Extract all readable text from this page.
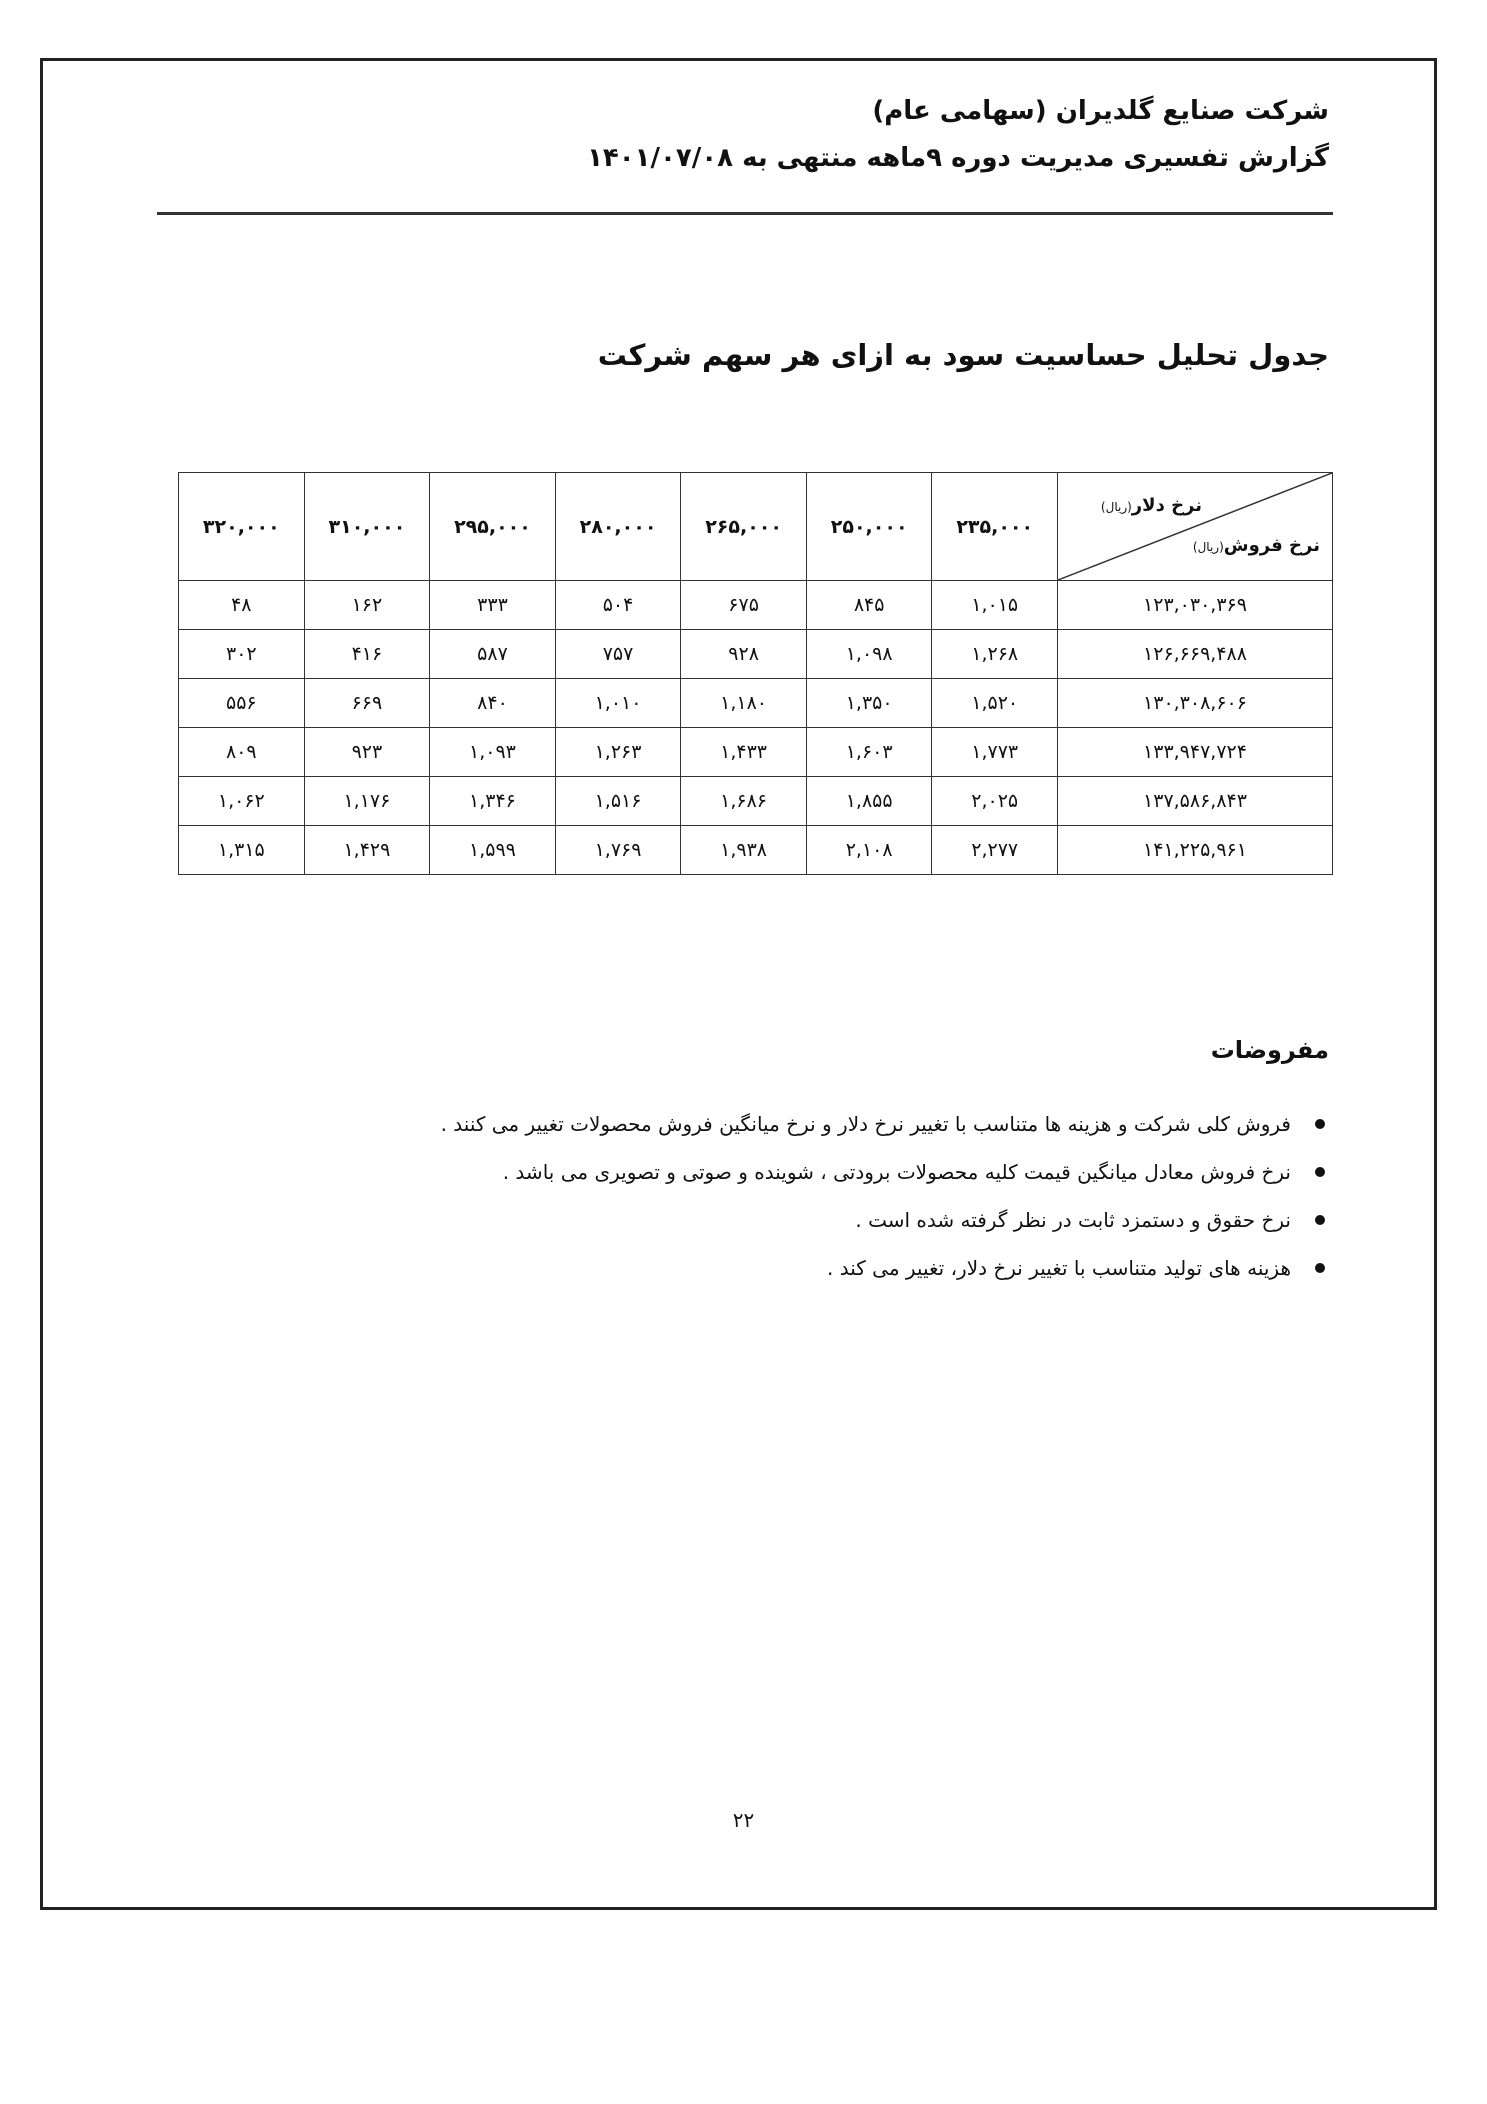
شرکت صنایع گلدیران (سهامی عام)
گزارش تفسیری مدیریت دوره ۹ماهه منتهی به ۱۴۰۱/۰۷/۰۸
جدول تحلیل حساسیت سود به ازای هر سهم شرکت
نرخ دلار(ریال)
نرخ فروش(ریال)	۲۳۵,۰۰۰	۲۵۰,۰۰۰	۲۶۵,۰۰۰	۲۸۰,۰۰۰	۲۹۵,۰۰۰	۳۱۰,۰۰۰	۳۲۰,۰۰۰
۱۲۳,۰۳۰,۳۶۹	۱,۰۱۵	۸۴۵	۶۷۵	۵۰۴	۳۳۳	۱۶۲	۴۸
۱۲۶,۶۶۹,۴۸۸	۱,۲۶۸	۱,۰۹۸	۹۲۸	۷۵۷	۵۸۷	۴۱۶	۳۰۲
۱۳۰,۳۰۸,۶۰۶	۱,۵۲۰	۱,۳۵۰	۱,۱۸۰	۱,۰۱۰	۸۴۰	۶۶۹	۵۵۶
۱۳۳,۹۴۷,۷۲۴	۱,۷۷۳	۱,۶۰۳	۱,۴۳۳	۱,۲۶۳	۱,۰۹۳	۹۲۳	۸۰۹
۱۳۷,۵۸۶,۸۴۳	۲,۰۲۵	۱,۸۵۵	۱,۶۸۶	۱,۵۱۶	۱,۳۴۶	۱,۱۷۶	۱,۰۶۲
۱۴۱,۲۲۵,۹۶۱	۲,۲۷۷	۲,۱۰۸	۱,۹۳۸	۱,۷۶۹	۱,۵۹۹	۱,۴۲۹	۱,۳۱۵
مفروضات
فروش کلی شرکت و هزینه ها متناسب با تغییر نرخ دلار و نرخ میانگین فروش محصولات تغییر می کنند .
نرخ فروش معادل میانگین قیمت کلیه محصولات برودتی ، شوینده و صوتی و تصویری می باشد .
نرخ حقوق و دستمزد ثابت در نظر گرفته شده است .
هزینه های تولید متناسب با تغییر نرخ دلار، تغییر می کند .
۲۲
